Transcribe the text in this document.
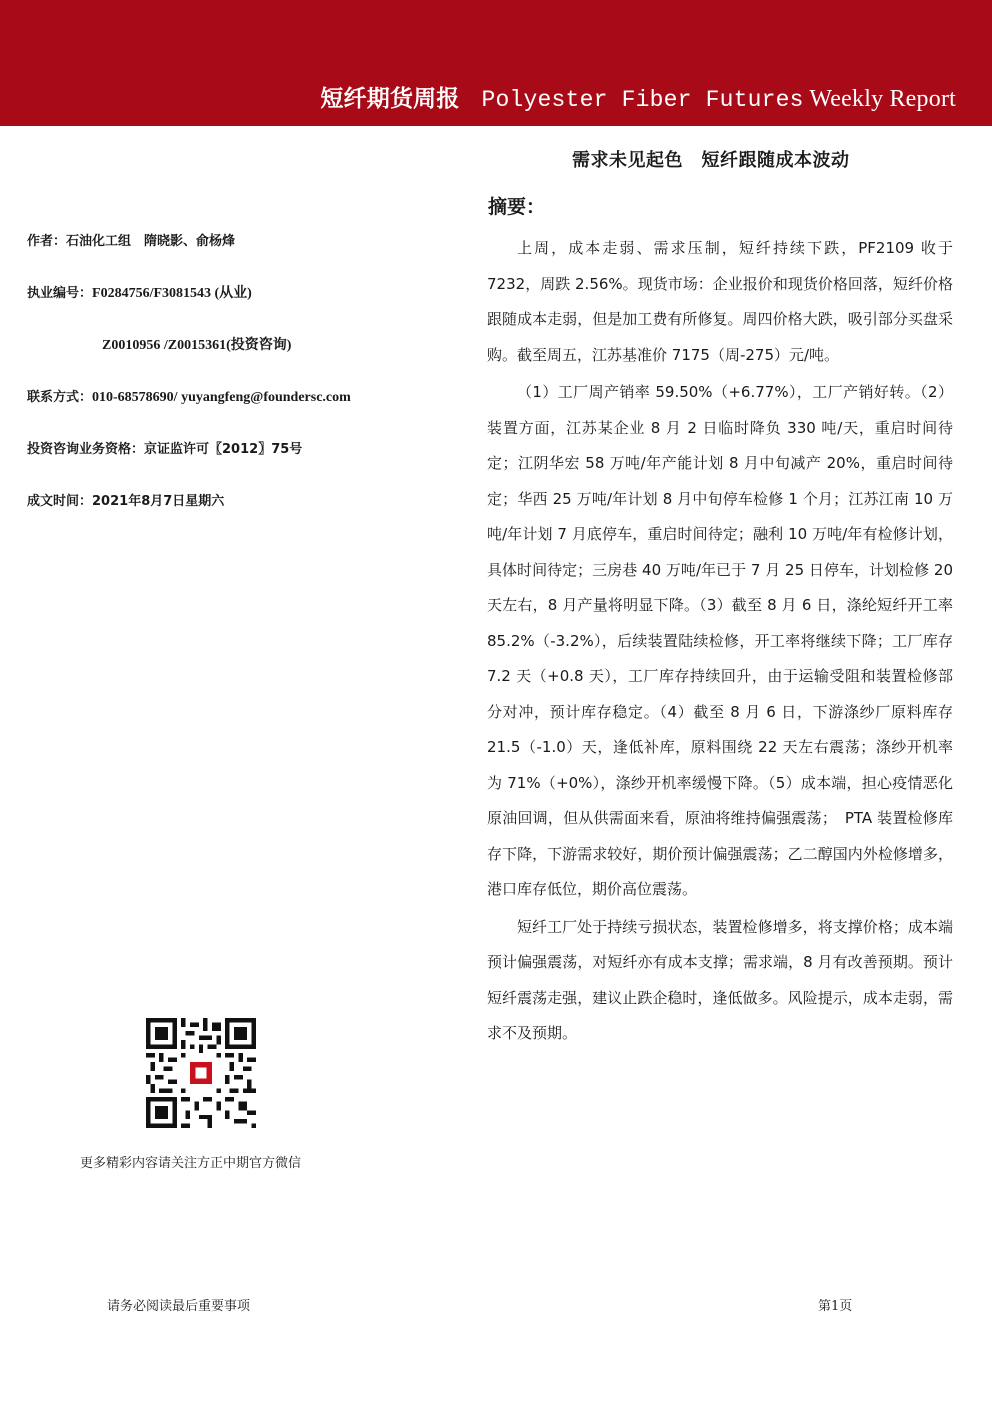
短纤期货周报 Polyester Fiber Futures Weekly Report
作者：石油化工组　隋晓影、俞杨烽
执业编号：F0284756/F3081543 (从业)
Z0010956 /Z0015361(投资咨询)
联系方式：010-68578690/ yuyangfeng@foundersc.com
投资咨询业务资格：京证监许可〖2012〗75号
成文时间：2021年8月7日星期六
更多精彩内容请关注方正中期官方微信
需求未见起色　短纤跟随成本波动
摘要：

上周，成本走弱、需求压制，短纤持续下跌，PF2109 收于 7232，周跌 2.56%。现货市场：企业报价和现货价格回落，短纤价格跟随成本走弱，但是加工费有所修复。周四价格大跌，吸引部分买盘采购。截至周五，江苏基准价 7175（周-275）元/吨。

（1）工厂周产销率 59.50%（+6.77%），工厂产销好转。（2）装置方面，江苏某企业 8 月 2 日临时降负 330 吨/天，重启时间待定；江阴华宏 58 万吨/年产能计划 8 月中旬减产 20%，重启时间待定；华西 25 万吨/年计划 8 月中旬停车检修 1 个月；江苏江南 10 万吨/年计划 7 月底停车，重启时间待定；融利 10 万吨/年有检修计划，具体时间待定；三房巷 40 万吨/年已于 7 月 25 日停车，计划检修 20 天左右，8 月产量将明显下降。（3）截至 8 月 6 日，涤纶短纤开工率 85.2%（-3.2%），后续装置陆续检修，开工率将继续下降；工厂库存 7.2 天（+0.8 天），工厂库存持续回升，由于运输受阻和装置检修部分对冲，预计库存稳定。（4）截至 8 月 6 日，下游涤纱厂原料库存 21.5（-1.0）天，逢低补库，原料围绕 22 天左右震荡；涤纱开机率为 71%（+0%），涤纱开机率缓慢下降。（5）成本端，担心疫情恶化原油回调，但从供需面来看，原油将维持偏强震荡；　PTA 装置检修库存下降，下游需求较好，期价预计偏强震荡；乙二醇国内外检修增多，港口库存低位，期价高位震荡。

短纤工厂处于持续亏损状态，装置检修增多，将支撑价格；成本端预计偏强震荡，对短纤亦有成本支撑；需求端，8 月有改善预期。预计短纤震荡走强，建议止跌企稳时，逢低做多。风险提示，成本走弱，需求不及预期。

请务必阅读最后重要事项	第1页
